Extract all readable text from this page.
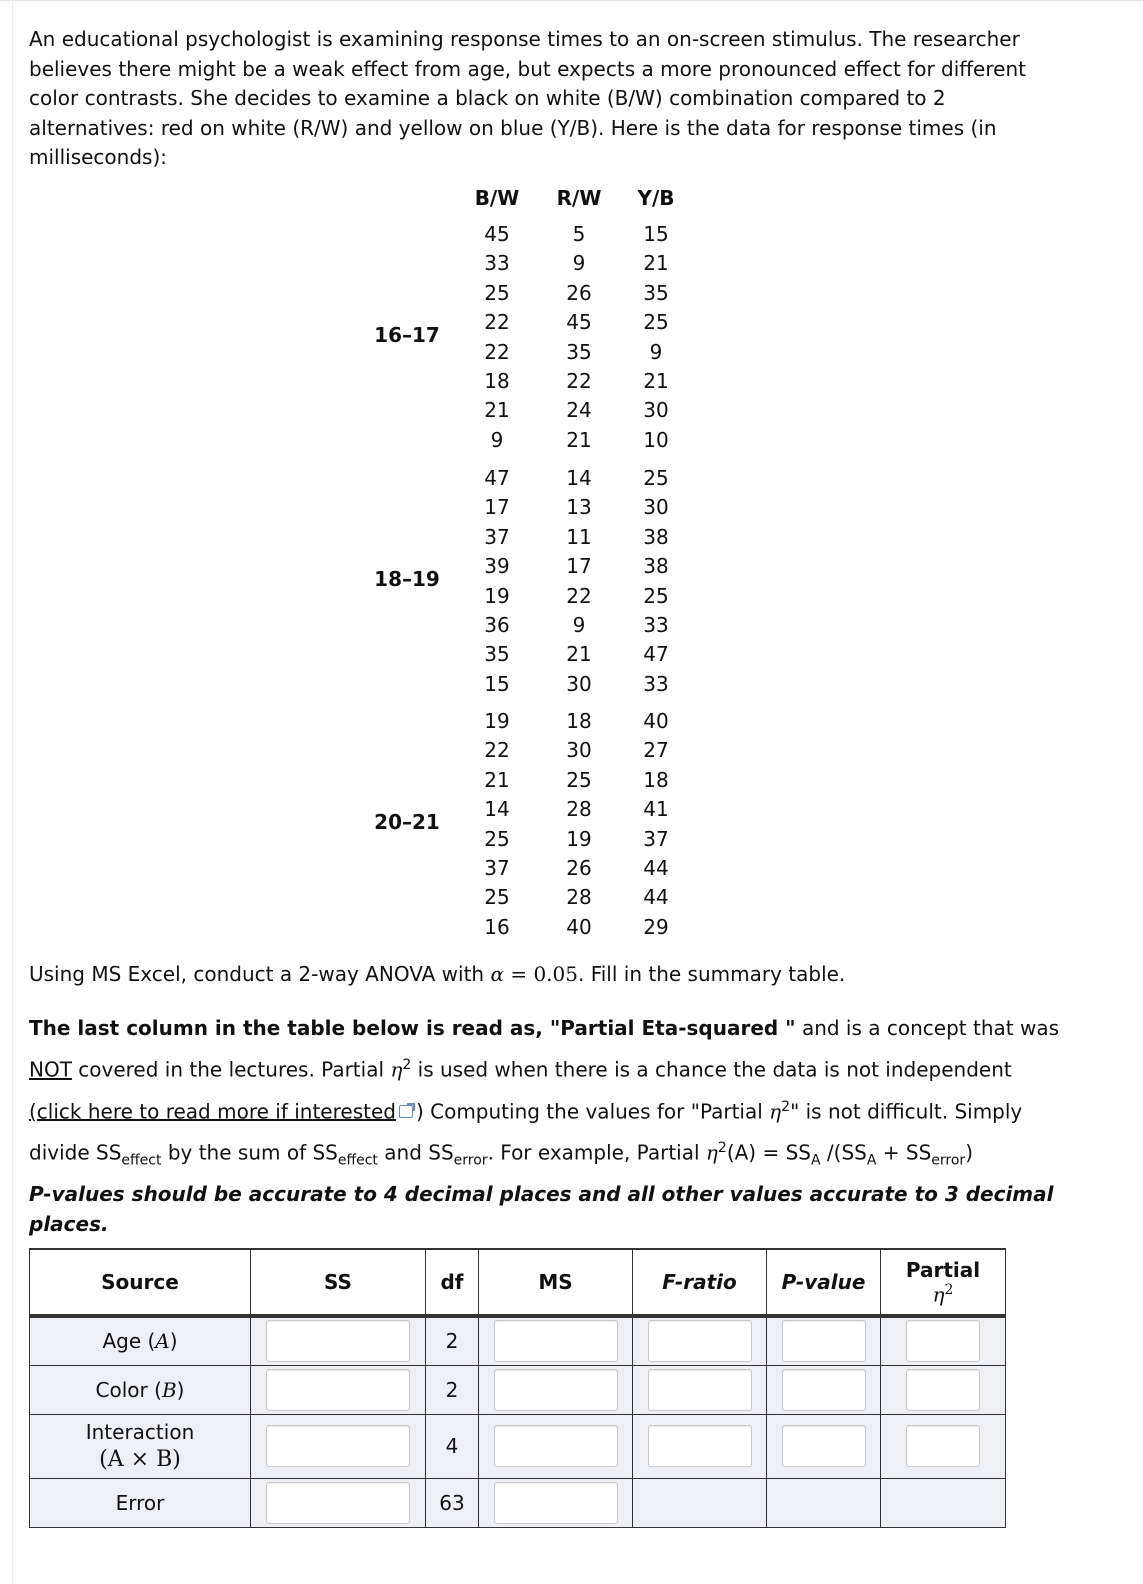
An educational psychologist is examining response times to an on-screen stimulus. The researcher
believes there might be a weak effect from age, but expects a more pronounced effect for different
color contrasts. She decides to examine a black on white (B/W) combination compared to 2
alternatives: red on white (R/W) and yellow on blue (Y/B). Here is the data for response times (in
milliseconds):
B/W	R/W	Y/B
16–17
45	5	15
33	9	21
25	26	35
22	45	25
22	35	9
18	22	21
21	24	30
9	21	10
18–19
47	14	25
17	13	30
37	11	38
39	17	38
19	22	25
36	9	33
35	21	47
15	30	33
20–21
19	18	40
22	30	27
21	25	18
14	28	41
25	19	37
37	26	44
25	28	44
16	40	29
Using MS Excel, conduct a 2-way ANOVA with α = 0.05. Fill in the summary table.
The last column in the table below is read as, "Partial Eta-squared " and is a concept that was
NOT covered in the lectures. Partial $\eta^2$ is used when there is a chance the data is not independent
(click here to read more if interested ) Computing the values for "Partial $\eta^2$" is not difficult. Simply
divide $SS_{effect}$ by the sum of $SS_{effect}$ and $SS_{error}$. For example, Partial $\eta^2(A) = SS_A$ $/(SS_A + SS_{error})$
P-values should be accurate to 4 decimal places and all other values accurate to 3 decimal
places.
Source	SS	df	MS	F-ratio	P-value	Partial
$\eta^2$

Age (A)		2				
Color (B)		2				

Interaction
(A × B)		4				
Error		63				
